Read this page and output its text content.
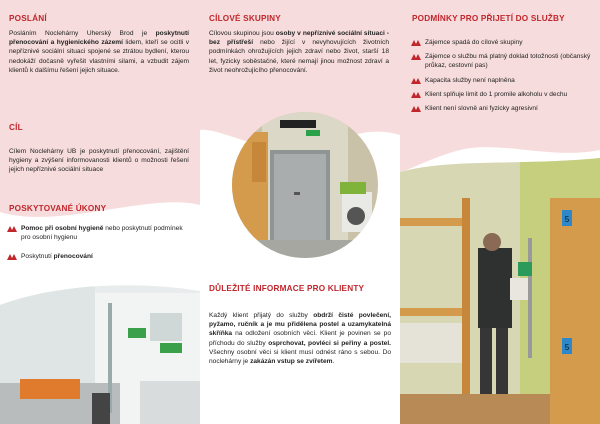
POSLÁNÍ

Posláním Noclehárny Uherský Brod je poskytnutí přenocování a hygienického zázemí lidem, kteří se ocitli v nepříznivé sociální situaci spojené se ztrátou bydlení, kterou nedokáží dočasně vyřešit vlastními silami, a vzbudit zájem klientů k dalšímu řešení jejich situace.

CÍL

Cílem Noclehárny UB je poskytnutí přenocování, zajištění hygieny a zvýšení informovanosti klientů o možnosti řešení jejich nepříznivé sociální situace

POSKYTOVANÉ ÚKONY
Pomoc při osobní hygieně nebo poskytnutí podmínek pro osobní hygienu
Poskytnutí přenocování
CÍLOVÉ SKUPINY

Cílovou skupinou jsou osoby v nepříznivé sociální situaci - bez přístřeší nebo žijící v nevyhovujících životních podmínkách ohrožujících jejich zdraví nebo život, starší 18 let, fyzicky soběstačné, které nemají jinou možnost zdraví a život neohrožujícího přenocování.

DŮLEŽITÉ INFORMACE PRO KLIENTY

Každý klient přijatý do služby obdrží čisté povlečení, pyžamo, ručník a je mu přidělena postel a uzamykatelná skříňka na odložení osobních věcí. Klient je povinen se po příchodu do služby osprchovat, povléci si peřiny a postel. Všechny osobní věci si klient musí odnést ráno s sebou. Do noclehárny je zakázán vstup se zvířetem.

PODMÍNKY PRO PŘIJETÍ DO SLUŽBY
Zájemce spadá do cílové skupiny
Zájemce o službu má platný doklad totožnosti (občanský průkaz, cestovní pas)
Kapacita služby není naplněna
Klient splňuje limit do 1 promile alkoholu v dechu
Klient není slovně ani fyzicky agresivní
5
5
